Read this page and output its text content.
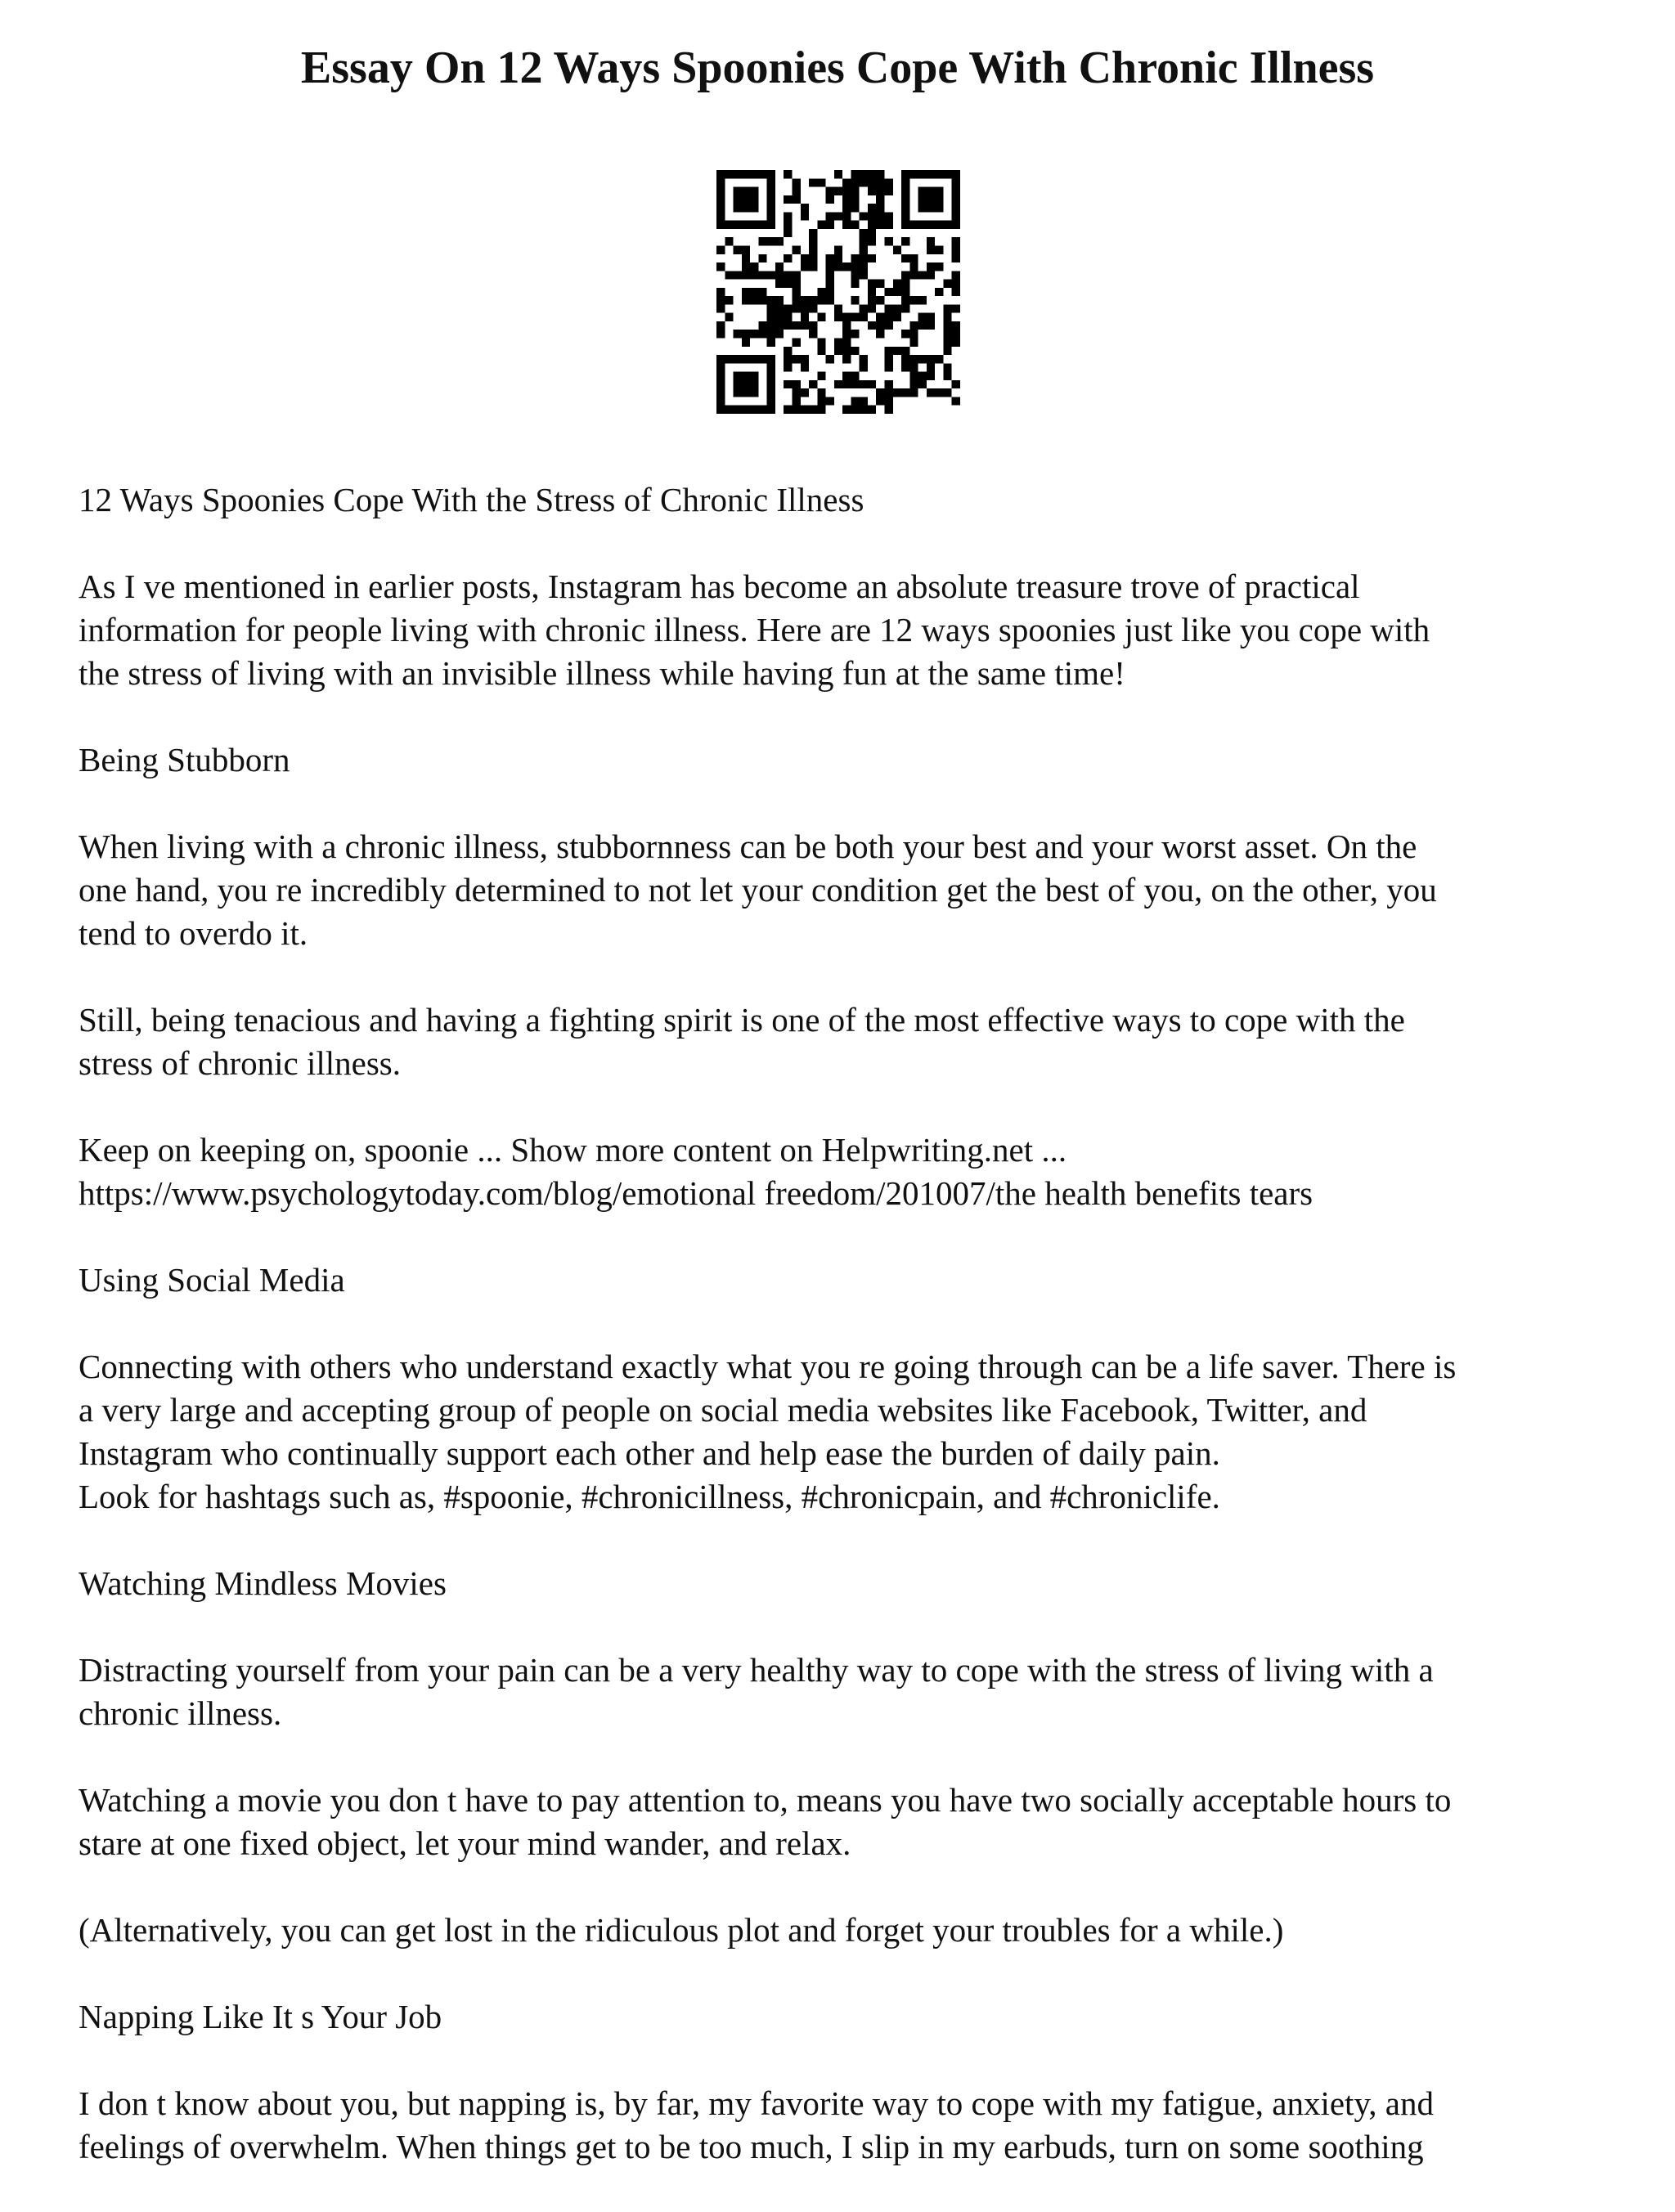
Essay On 12 Ways Spoonies Cope With Chronic Illness

12 Ways Spoonies Cope With the Stress of Chronic Illness

As I ve mentioned in earlier posts, Instagram has become an absolute treasure trove of practical
information for people living with chronic illness. Here are 12 ways spoonies just like you cope with
the stress of living with an invisible illness while having fun at the same time!

Being Stubborn

When living with a chronic illness, stubbornness can be both your best and your worst asset. On the
one hand, you re incredibly determined to not let your condition get the best of you, on the other, you
tend to overdo it.

Still, being tenacious and having a fighting spirit is one of the most effective ways to cope with the
stress of chronic illness.

Keep on keeping on, spoonie ... Show more content on Helpwriting.net ...
https://www.psychologytoday.com/blog/emotional freedom/201007/the health benefits tears

Using Social Media

Connecting with others who understand exactly what you re going through can be a life saver. There is
a very large and accepting group of people on social media websites like Facebook, Twitter, and
Instagram who continually support each other and help ease the burden of daily pain.
Look for hashtags such as, #spoonie, #chronicillness, #chronicpain, and #chroniclife.

Watching Mindless Movies

Distracting yourself from your pain can be a very healthy way to cope with the stress of living with a
chronic illness.

Watching a movie you don t have to pay attention to, means you have two socially acceptable hours to
stare at one fixed object, let your mind wander, and relax.

(Alternatively, you can get lost in the ridiculous plot and forget your troubles for a while.)

Napping Like It s Your Job

I don t know about you, but napping is, by far, my favorite way to cope with my fatigue, anxiety, and
feelings of overwhelm. When things get to be too much, I slip in my earbuds, turn on some soothing
